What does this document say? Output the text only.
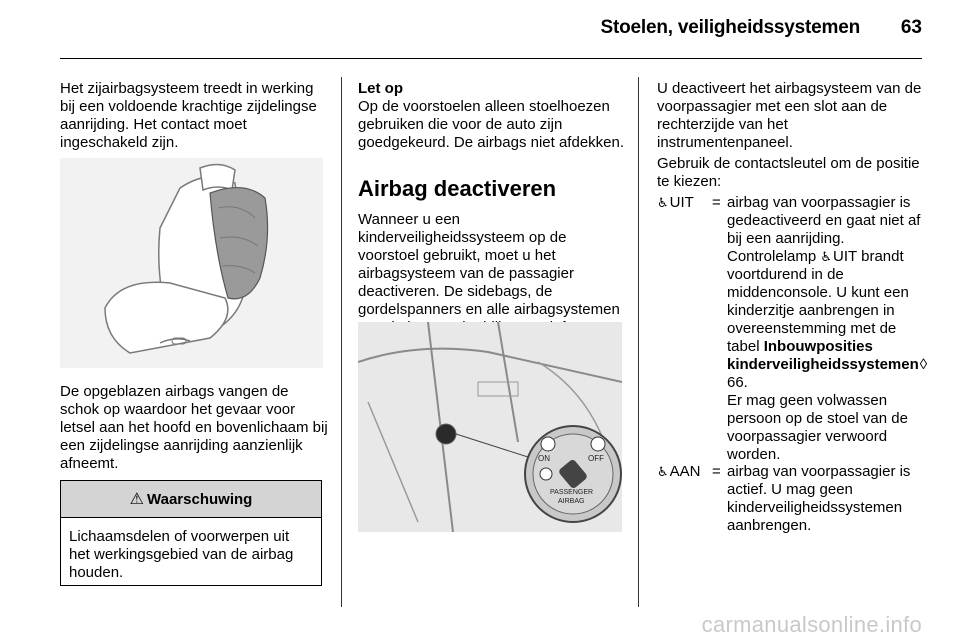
Stoelen, veiligheidssystemen 63

Het zijairbagsysteem treedt in werking bij een voldoende krachtige zijdelingse aanrijding. Het contact moet ingeschakeld zijn.

De opgeblazen airbags vangen de schok op waardoor het gevaar voor letsel aan het hoofd en bovenlichaam bij een zijdelingse aanrijding aanzienlijk afneemt.

⚠ Waarschuwing
Lichaamsdelen of voorwerpen uit het werkingsgebied van de airbag houden.
Let op

Op de voorstoelen alleen stoelhoezen gebruiken die voor de auto zijn goedgekeurd. De airbags niet afdekken.

Airbag deactiveren

Wanneer u een kinderveiligheidssysteem op de voorstoel gebruikt, moet u het airbagsysteem van de passagier deactiveren. De sidebags, de gordelspanners en alle airbagsystemen

ON	OFF
PASSENGER
AIRBAG

U deactiveert het airbagsysteem van de voorpassagier met een slot aan de rechterzijde van het instrumentenpaneel.

Gebruik de contactsleutel om de positie te kiezen:

♿ UIT = airbag van voorpassagier is gedeactiveerd en gaat niet af bij een aanrijding. Controlelamp ♿ UIT brandt voortdurend in de middenconsole. U kunt een kinderzitje aanbrengen in overeenstemming met de tabel Inbouwposities kinderveiligheidssystemen◊ 66.
Er mag geen volwassen persoon op de stoel van de voorpassagier verwoord worden.
♿ AAN = airbag van voorpassagier is actief. U mag geen kinderveiligheidssystemen aanbrengen.
carmanualsonline.info
